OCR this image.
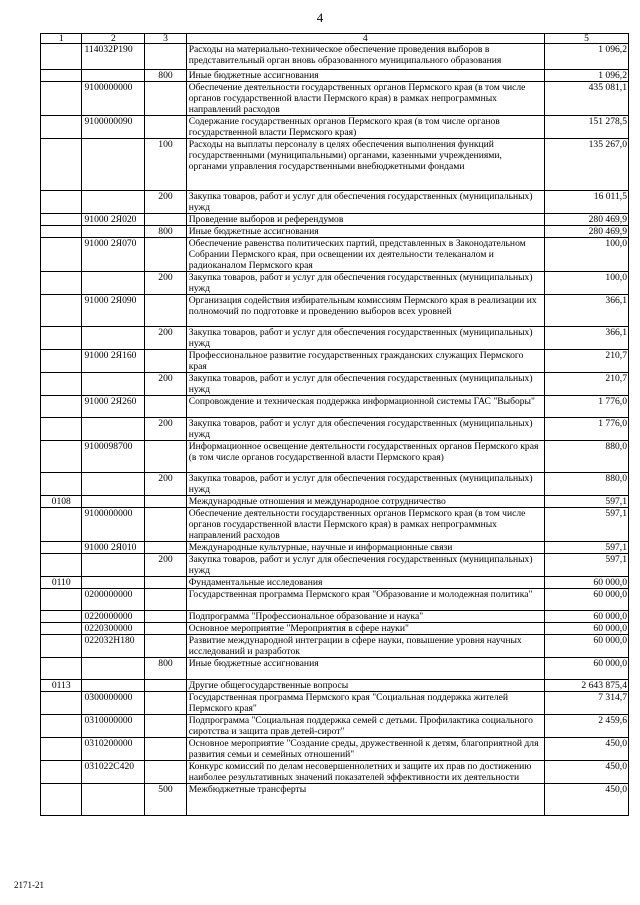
4
1	2	3	4	5
	114032Р190		Расходы на материально-техническое обеспечение проведения выборов в представительный орган вновь образованного муниципального образования	1 096,2
		800	Иные бюджетные ассигнования	1 096,2
	9100000000		Обеспечение деятельности государственных органов Пермского края (в том числе органов государственной власти Пермского края) в рамках непрограммных направлений расходов	435 081,1
	9100000090		Содержание государственных органов Пермского края (в том числе органов государственной власти Пермского края)	151 278,5
		100	Расходы на выплаты персоналу в целях обеспечения выполнения функций государственными (муниципальными) органами, казенными учреждениями, органами управления государственными внебюджетными фондами	135 267,0
		200	Закупка товаров, работ и услуг для обеспечения государственных (муниципальных) нужд	16 011,5
	91000 2Я020		Проведение выборов и референдумов	280 469,9
		800	Иные бюджетные ассигнования	280 469,9
	91000 2Я070		Обеспечение равенства политических партий, представленных в Законодательном Собрании Пермского края, при освещении их деятельности телеканалом и радиоканалом Пермского края	100,0
		200	Закупка товаров, работ и услуг для обеспечения государственных (муниципальных) нужд	100,0
	91000 2Я090		Организация содействия избирательным комиссиям Пермского края в реализации их полномочий по подготовке и проведению выборов всех уровней	366,1
		200	Закупка товаров, работ и услуг для обеспечения государственных (муниципальных) нужд	366,1
	91000 2Я160		Профессиональное развитие государственных гражданских служащих Пермского края	210,7
		200	Закупка товаров, работ и услуг для обеспечения государственных (муниципальных) нужд	210,7
	91000 2Я260		Сопровождение и техническая поддержка информационной системы ГАС "Выборы"	1 776,0
		200	Закупка товаров, работ и услуг для обеспечения государственных (муниципальных) нужд	1 776,0
	9100098700		Информационное освещение деятельности государственных органов Пермского края (в том числе органов государственной власти Пермского края)	880,0
		200	Закупка товаров, работ и услуг для обеспечения государственных (муниципальных) нужд	880,0
0108			Международные отношения и международное сотрудничество	597,1
	9100000000		Обеспечение деятельности государственных органов Пермского края (в том числе органов государственной власти Пермского края) в рамках непрограммных направлений расходов	597,1
	91000 2Я010		Международные культурные, научные и информационные связи	597,1
		200	Закупка товаров, работ и услуг для обеспечения государственных (муниципальных) нужд	597,1
0110			Фундаментальные исследования	60 000,0
	0200000000		Государственная программа Пермского края "Образование и молодежная политика"	60 000,0
	0220000000		Подпрограмма "Профессиональное образование и наука"	60 000,0
	0220300000		Основное мероприятие "Мероприятия в сфере науки"	60 000,0
	022032Н180		Развитие международной интеграции в сфере науки, повышение уровня научных исследований и разработок	60 000,0
		800	Иные бюджетные ассигнования	60 000,0
0113			Другие общегосударственные вопросы	2 643 875,4
	0300000000		Государственная программа Пермского края "Социальная поддержка жителей Пермского края"	7 314,7
	0310000000		Подпрограмма "Социальная поддержка семей с детьми. Профилактика социального сиротства и защита прав детей-сирот"	2 459,6
	0310200000		Основное мероприятие "Создание среды, дружественной к детям, благоприятной для развития семьи и семейных отношений"	450,0
	031022С420		Конкурс комиссий по делам несовершеннолетних и защите их прав по достижению наиболее результативных значений показателей эффективности их деятельности	450,0
		500	Межбюджетные трансферты	450,0
2171-21
